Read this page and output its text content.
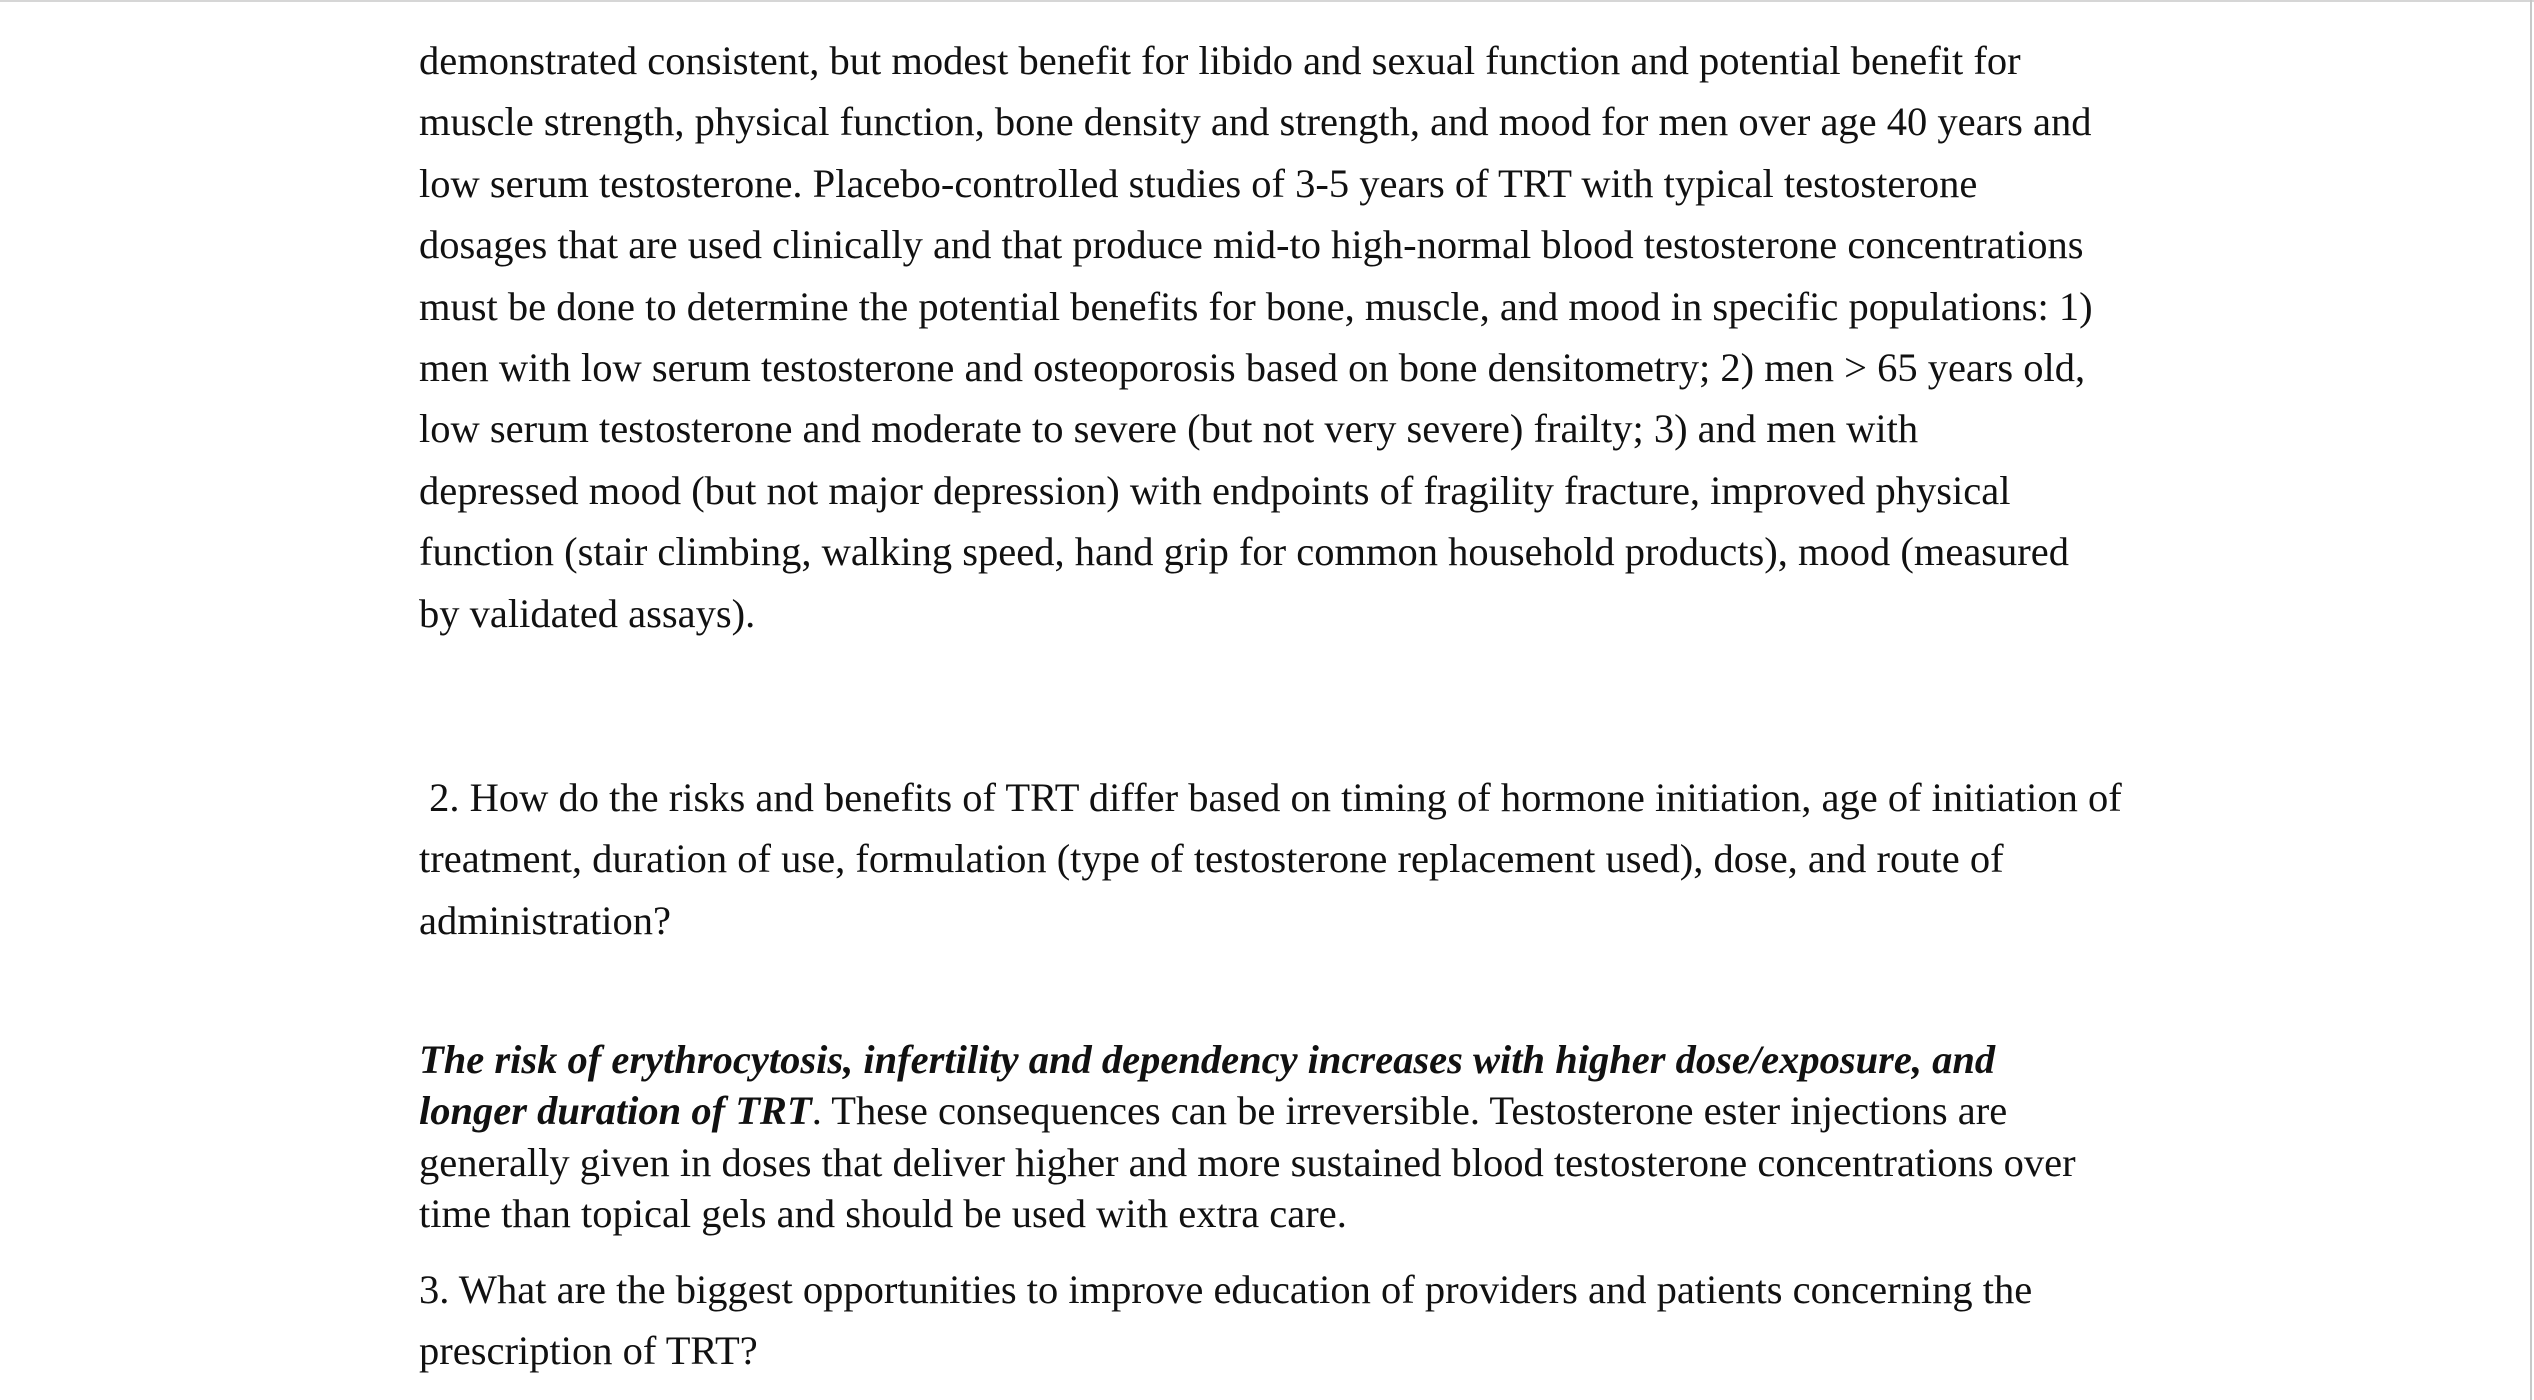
demonstrated consistent, but modest benefit for libido and sexual function and potential benefit for
muscle strength, physical function, bone density and strength, and mood for men over age 40 years and
low serum testosterone. Placebo-controlled studies of 3-5 years of TRT with typical testosterone
dosages that are used clinically and that produce mid-to high-normal blood testosterone concentrations
must be done to determine the potential benefits for bone, muscle, and mood in specific populations: 1)
men with low serum testosterone and osteoporosis based on bone densitometry; 2) men > 65 years old,
low serum testosterone and moderate to severe (but not very severe) frailty; 3) and men with
depressed mood (but not major depression) with endpoints of fragility fracture, improved physical
function (stair climbing, walking speed, hand grip for common household products), mood (measured
by validated assays).

2. How do the risks and benefits of TRT differ based on timing of hormone initiation, age of initiation of
treatment, duration of use, formulation (type of testosterone replacement used), dose, and route of
administration?

The risk of erythrocytosis, infertility and dependency increases with higher dose/exposure, and
longer duration of TRT. These consequences can be irreversible. Testosterone ester injections are
generally given in doses that deliver higher and more sustained blood testosterone concentrations over
time than topical gels and should be used with extra care.

3. What are the biggest opportunities to improve education of providers and patients concerning the
prescription of TRT?
